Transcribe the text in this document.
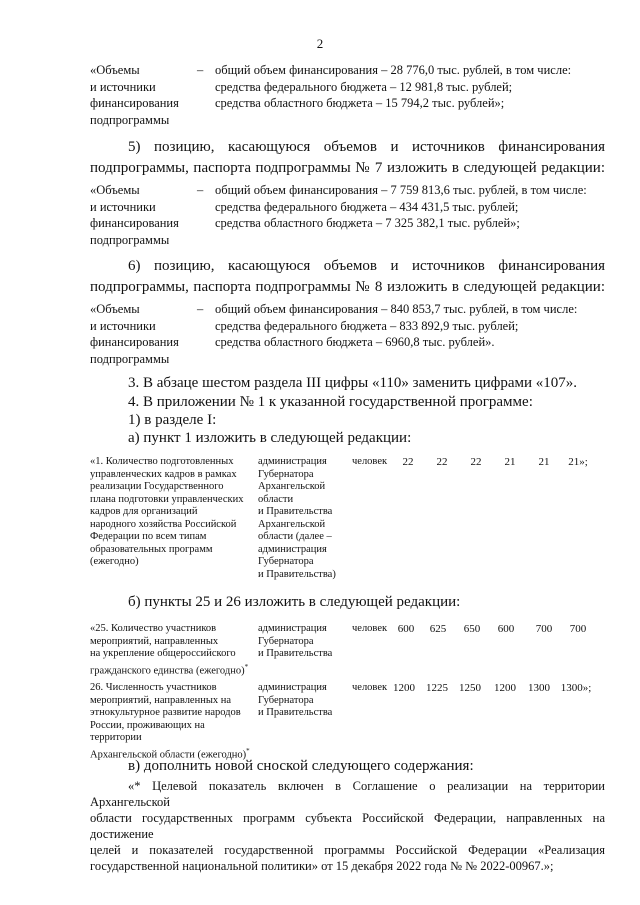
2
«Объемы
и источники
финансирования
подпрограммы
– общий объем финансирования – 28 776,0 тыс. рублей, в том числе:
средства федерального бюджета – 12 981,8 тыс. рублей;
средства областного бюджета – 15 794,2 тыс. рублей»;
5) позицию, касающуюся объемов и источников финансирования
подпрограммы, паспорта подпрограммы № 7 изложить в следующей редакции:
«Объемы
и источники
финансирования
подпрограммы
– общий объем финансирования – 7 759 813,6 тыс. рублей, в том числе:
средства федерального бюджета – 434 431,5 тыс. рублей;
средства областного бюджета – 7 325 382,1 тыс. рублей»;
6) позицию, касающуюся объемов и источников финансирования
подпрограммы, паспорта подпрограммы № 8 изложить в следующей редакции:
«Объемы
и источники
финансирования
подпрограммы
– общий объем финансирования – 840 853,7 тыс. рублей, в том числе:
средства федерального бюджета – 833 892,9 тыс. рублей;
средства областного бюджета – 6960,8 тыс. рублей».
3. В абзаце шестом раздела III цифры «110» заменить цифрами «107».
4. В приложении № 1 к указанной государственной программе:
1) в разделе I:
а) пункт 1 изложить в следующей редакции:
«1. Количество подготовленных
управленческих кадров в рамках
реализации Государственного
плана подготовки управленческих
кадров для организаций
народного хозяйства Российской
Федерации по всем типам
образовательных программ
(ежегодно)
администрация
Губернатора
Архангельской
области
и Правительства
Архангельской
области (далее –
администрация
Губернатора
и Правительства)
человек	22	22	22	21	21	21»;
б) пункты 25 и 26 изложить в следующей редакции:
«25. Количество участников
мероприятий, направленных
на укрепление общероссийского
гражданского единства (ежегодно)*
администрация
Губернатора
и Правительства
человек 600	625	650	600	700	700
26. Численность участников
мероприятий, направленных на
этнокультурное развитие народов
России, проживающих на территории
Архангельской области (ежегодно)*
администрация
Губернатора
и Правительства
человек 1200	1225	1250	1200	1300 1300»;
в) дополнить новой сноской следующего содержания:
«* Целевой показатель включен в Соглашение о реализации на территории Архангельской
области государственных программ субъекта Российской Федерации, направленных на достижение
целей и показателей государственной программы Российской Федерации «Реализация
государственной национальной политики» от 15 декабря 2022 года № № 2022-00967.»;
